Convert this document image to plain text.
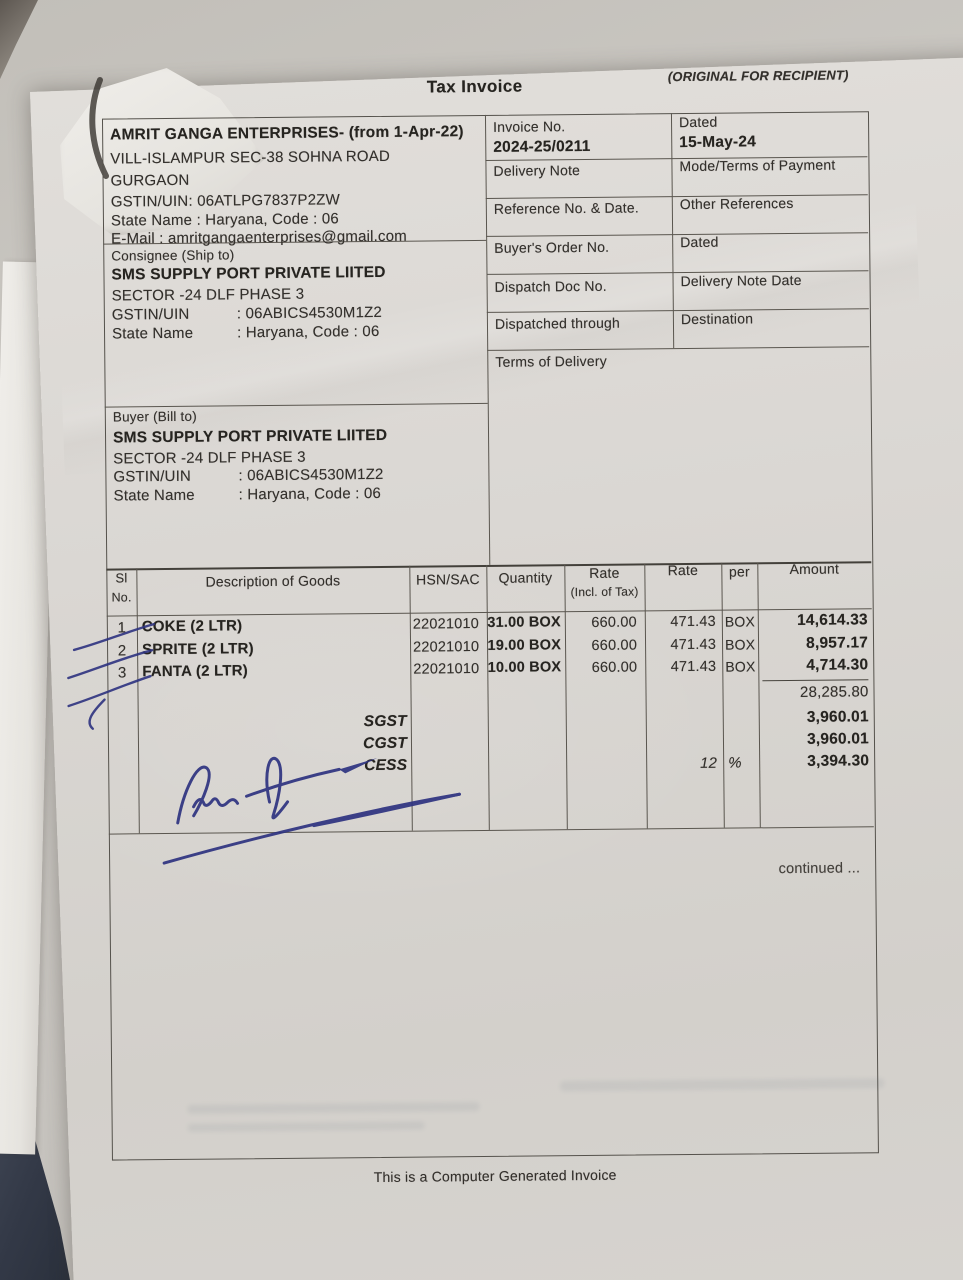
Tax Invoice
(ORIGINAL FOR RECIPIENT)
AMRIT GANGA ENTERPRISES- (from 1-Apr-22)
VILL-ISLAMPUR SEC-38 SOHNA ROAD
GURGAON
GSTIN/UIN: 06ATLPG7837P2ZW
State Name : Haryana, Code : 06
E-Mail : amritgangaenterprises@gmail.com
Consignee (Ship to)
SMS SUPPLY PORT PRIVATE LIITED
SECTOR -24 DLF PHASE 3
GSTIN/UIN	: 06ABICS4530M1Z2
State Name	: Haryana, Code : 06
Buyer (Bill to)
SMS SUPPLY PORT PRIVATE LIITED
SECTOR -24 DLF PHASE 3
GSTIN/UIN	: 06ABICS4530M1Z2
State Name	: Haryana, Code : 06
Invoice No.
2024-25/0211
Dated
15-May-24
Delivery Note	Mode/Terms of Payment
Reference No. & Date.	Other References
Buyer's Order No.	Dated
Dispatch Doc No.	Delivery Note Date
Dispatched through	Destination
Terms of Delivery
Sl
No.
Description of Goods	HSN/SAC	Quantity	Rate
(Incl. of Tax)
Rate	per	Amount
1	COKE (2 LTR)	22021010 31.00 BOX	660.00	471.43 BOX	14,614.33
2	SPRITE (2 LTR)	22021010 19.00 BOX	660.00	471.43 BOX	8,957.17
3	FANTA (2 LTR)	22021010 10.00 BOX	660.00	471.43 BOX	4,714.30
28,285.80
SGST	3,960.01
CGST	3,960.01
CESS	12 %	3,394.30
continued ...
This is a Computer Generated Invoice
